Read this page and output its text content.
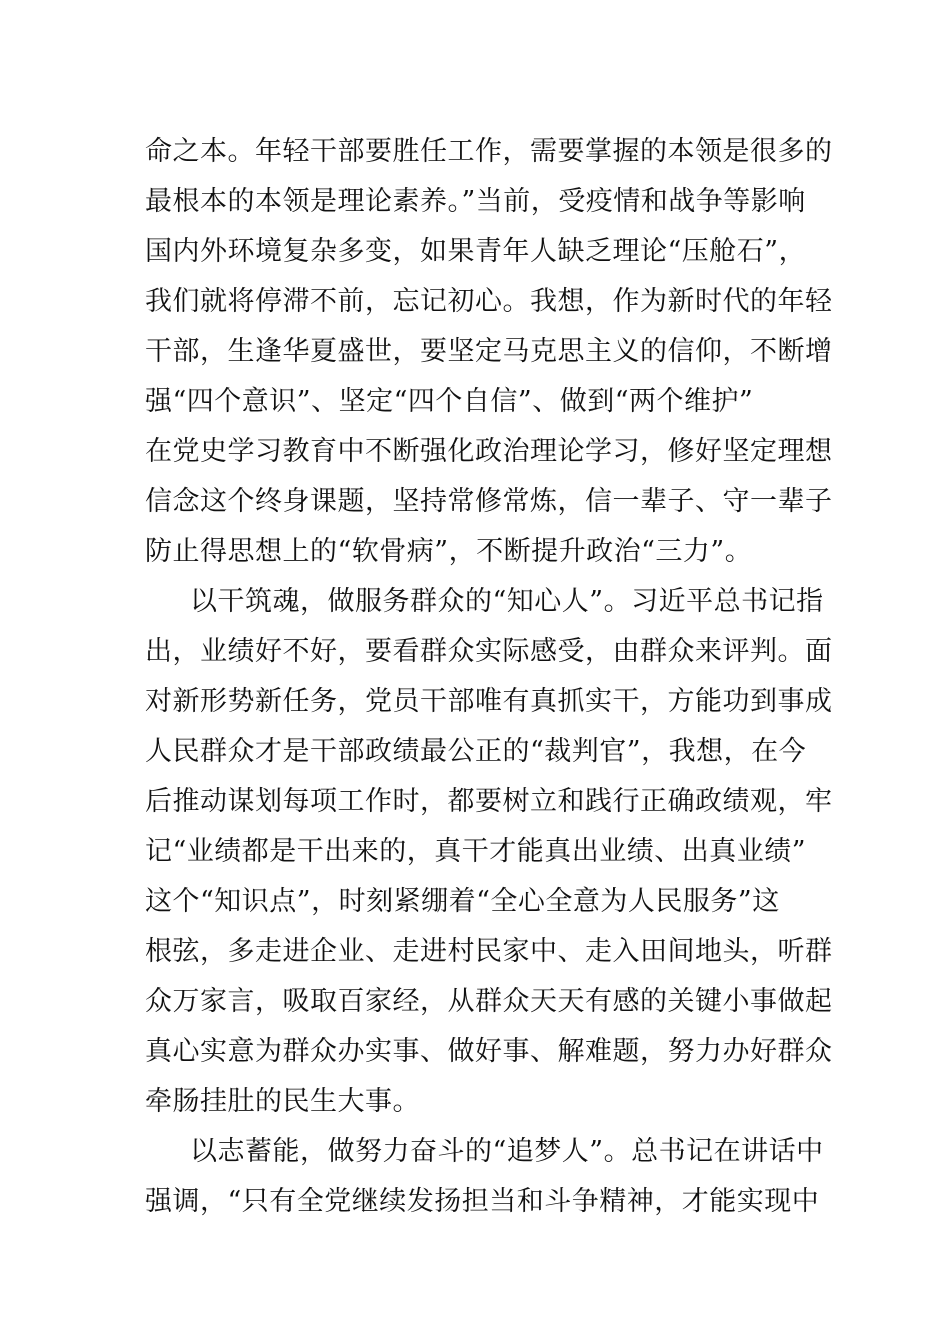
命之本。年轻干部要胜任工作，需要掌握的本领是很多的
最根本的本领是理论素养。”当前，受疫情和战争等影响
国内外环境复杂多变，如果青年人缺乏理论“压舱石”，
我们就将停滞不前，忘记初心。我想，作为新时代的年轻
干部，生逢华夏盛世，要坚定马克思主义的信仰，不断增
强“四个意识”、坚定“四个自信”、做到“两个维护”
在党史学习教育中不断强化政治理论学习，修好坚定理想
信念这个终身课题，坚持常修常炼，信一辈子、守一辈子
防止得思想上的“软骨病”，不断提升政治“三力”。
以干筑魂，做服务群众的“知心人”。习近平总书记指
出，业绩好不好，要看群众实际感受，由群众来评判。面
对新形势新任务，党员干部唯有真抓实干，方能功到事成
人民群众才是干部政绩最公正的“裁判官”，我想，在今
后推动谋划每项工作时，都要树立和践行正确政绩观，牢
记“业绩都是干出来的，真干才能真出业绩、出真业绩”
这个“知识点”，时刻紧绷着“全心全意为人民服务”这
根弦，多走进企业、走进村民家中、走入田间地头，听群
众万家言，吸取百家经，从群众天天有感的关键小事做起
真心实意为群众办实事、做好事、解难题，努力办好群众
牵肠挂肚的民生大事。
以志蓄能，做努力奋斗的“追梦人”。总书记在讲话中
强调，“只有全党继续发扬担当和斗争精神，才能实现中
